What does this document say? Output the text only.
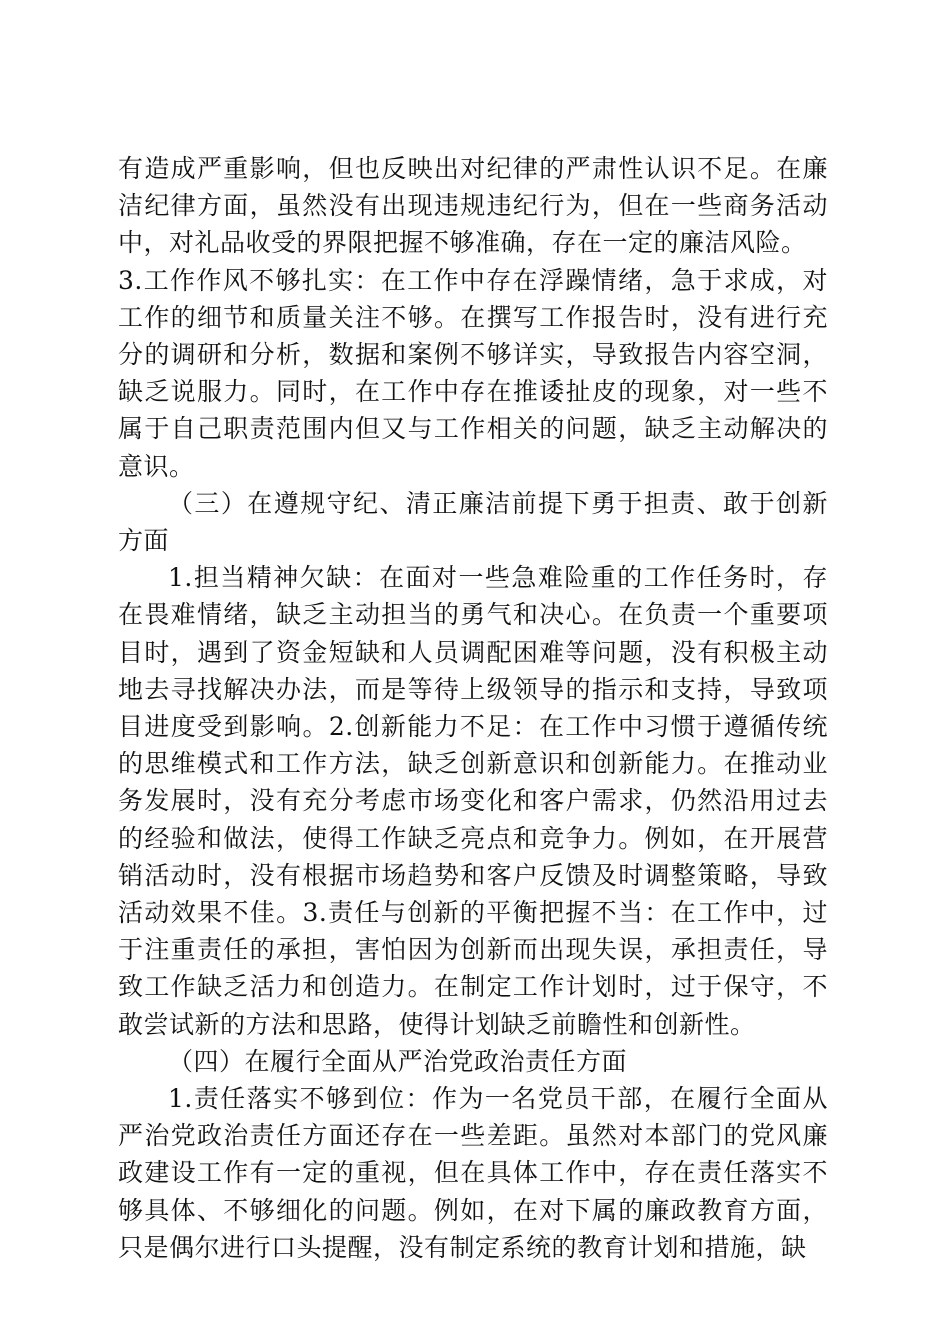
有造成严重影响，但也反映出对纪律的严肃性认识不足。在廉洁纪律方面，虽然没有出现违规违纪行为，但在一些商务活动中，对礼品收受的界限把握不够准确，存在一定的廉洁风险。

3.工作作风不够扎实：在工作中存在浮躁情绪，急于求成，对工作的细节和质量关注不够。在撰写工作报告时，没有进行充分的调研和分析，数据和案例不够详实，导致报告内容空洞，缺乏说服力。同时，在工作中存在推诿扯皮的现象，对一些不属于自己职责范围内但又与工作相关的问题，缺乏主动解决的意识。

（三）在遵规守纪、清正廉洁前提下勇于担责、敢于创新方面

1.担当精神欠缺：在面对一些急难险重的工作任务时，存在畏难情绪，缺乏主动担当的勇气和决心。在负责一个重要项目时，遇到了资金短缺和人员调配困难等问题，没有积极主动地去寻找解决办法，而是等待上级领导的指示和支持，导致项目进度受到影响。2.创新能力不足：在工作中习惯于遵循传统的思维模式和工作方法，缺乏创新意识和创新能力。在推动业务发展时，没有充分考虑市场变化和客户需求，仍然沿用过去的经验和做法，使得工作缺乏亮点和竞争力。例如，在开展营销活动时，没有根据市场趋势和客户反馈及时调整策略，导致活动效果不佳。3.责任与创新的平衡把握不当：在工作中，过于注重责任的承担，害怕因为创新而出现失误，承担责任，导致工作缺乏活力和创造力。在制定工作计划时，过于保守，不敢尝试新的方法和思路，使得计划缺乏前瞻性和创新性。

（四）在履行全面从严治党政治责任方面

1.责任落实不够到位：作为一名党员干部，在履行全面从严治党政治责任方面还存在一些差距。虽然对本部门的党风廉政建设工作有一定的重视，但在具体工作中，存在责任落实不够具体、不够细化的问题。例如，在对下属的廉政教育方面，只是偶尔进行口头提醒，没有制定系统的教育计划和措施，缺
